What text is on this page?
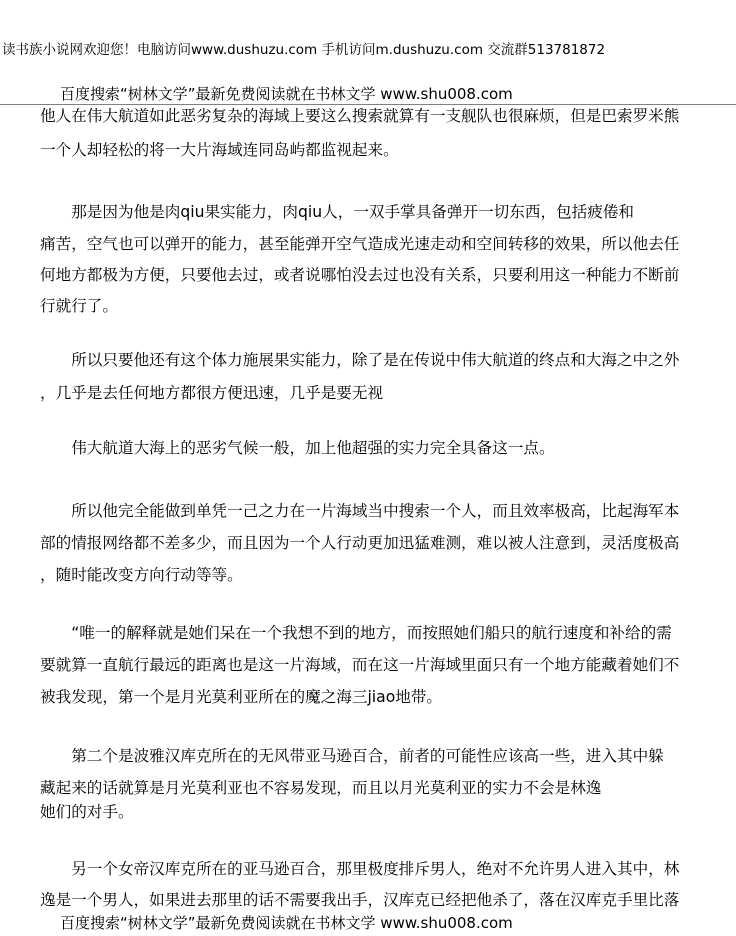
读书族小说网欢迎您！电脑访问www.dushuzu.com 手机访问m.dushuzu.com 交流群513781872
百度搜索“树林文学”最新免费阅读就在书林文学 www.shu008.com
他人在伟大航道如此恶劣复杂的海域上要这么搜索就算有一支舰队也很麻烦，但是巴索罗米熊
一个人却轻松的将一大片海域连同岛屿都监视起来。
　　那是因为他是肉qiu果实能力，肉qiu人，一双手掌具备弹开一切东西，包括疲倦和
痛苦，空气也可以弹开的能力，甚至能弹开空气造成光速走动和空间转移的效果，所以他去任
何地方都极为方便，只要他去过，或者说哪怕没去过也没有关系，只要利用这一种能力不断前
行就行了。
　　所以只要他还有这个体力施展果实能力，除了是在传说中伟大航道的终点和大海之中之外
，几乎是去任何地方都很方便迅速，几乎是要无视
　　伟大航道大海上的恶劣气候一般，加上他超强的实力完全具备这一点。
　　所以他完全能做到单凭一己之力在一片海域当中搜索一个人，而且效率极高，比起海军本
部的情报网络都不差多少，而且因为一个人行动更加迅猛难测，难以被人注意到，灵活度极高
，随时能改变方向行动等等。
　　“唯一的解释就是她们呆在一个我想不到的地方，而按照她们船只的航行速度和补给的需
要就算一直航行最远的距离也是这一片海域，而在这一片海域里面只有一个地方能藏着她们不
被我发现，第一个是月光莫利亚所在的魔之海三jiao地带。
　　第二个是波雅汉库克所在的无风带亚马逊百合，前者的可能性应该高一些，进入其中躲
藏起来的话就算是月光莫利亚也不容易发现，而且以月光莫利亚的实力不会是林逸
她们的对手。
　　另一个女帝汉库克所在的亚马逊百合，那里极度排斥男人，绝对不允许男人进入其中，林
逸是一个男人，如果进去那里的话不需要我出手，汉库克已经把他杀了，落在汉库克手里比落
百度搜索“树林文学”最新免费阅读就在书林文学 www.shu008.com
